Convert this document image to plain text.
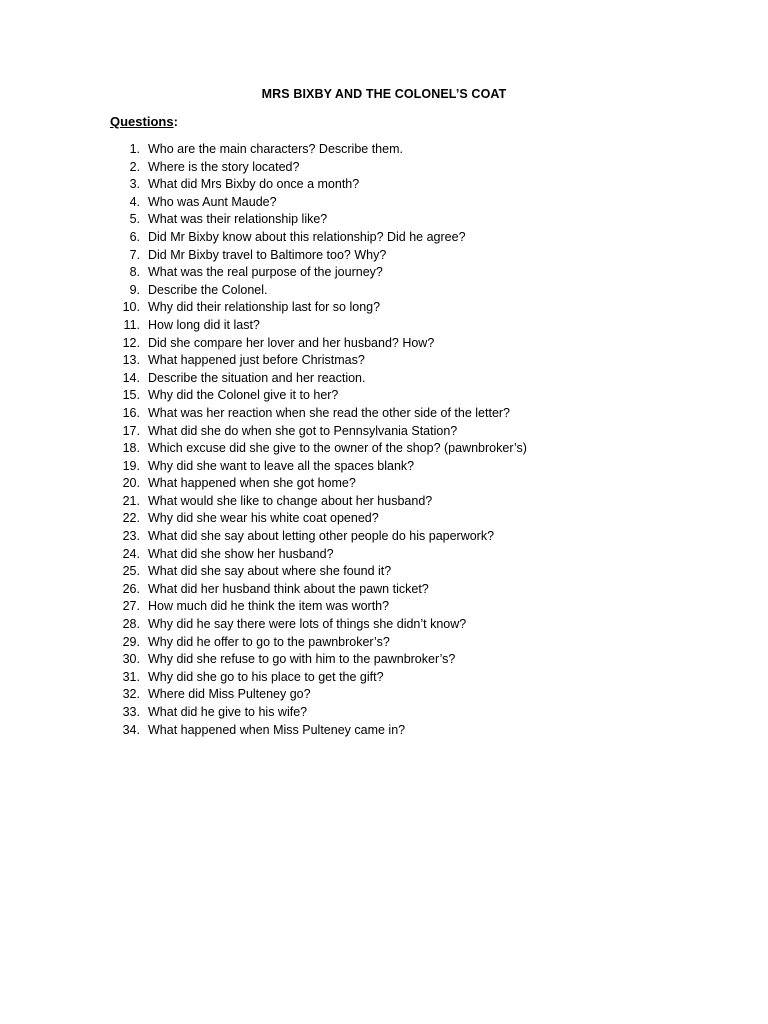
MRS BIXBY AND THE COLONEL’S COAT

Questions:

1. Who are the main characters? Describe them.
2. Where is the story located?
3. What did Mrs Bixby do once a month?
4. Who was Aunt Maude?
5. What was their relationship like?
6. Did Mr Bixby know about this relationship? Did he agree?
7. Did Mr Bixby travel to Baltimore too? Why?
8. What was the real purpose of the journey?
9. Describe the Colonel.
10. Why did their relationship last for so long?
11. How long did it last?
12. Did she compare her lover and her husband? How?
13. What happened just before Christmas?
14. Describe the situation and her reaction.
15. Why did the Colonel give it to her?
16. What was her reaction when she read the other side of the letter?
17. What did she do when she got to Pennsylvania Station?
18. Which excuse did she give to the owner of the shop? (pawnbroker’s)
19. Why did she want to leave all the spaces blank?
20. What happened when she got home?
21. What would she like to change about her husband?
22. Why did she wear his white coat opened?
23. What did she say about letting other people do his paperwork?
24. What did she show her husband?
25. What did she say about where she found it?
26. What did her husband think about the pawn ticket?
27. How much did he think the item was worth?
28. Why did he say there were lots of things she didn’t know?
29. Why did he offer to go to the pawnbroker’s?
30. Why did she refuse to go with him to the pawnbroker’s?
31. Why did she go to his place to get the gift?
32. Where did Miss Pulteney go?
33. What did he give to his wife?
34. What happened when Miss Pulteney came in?
